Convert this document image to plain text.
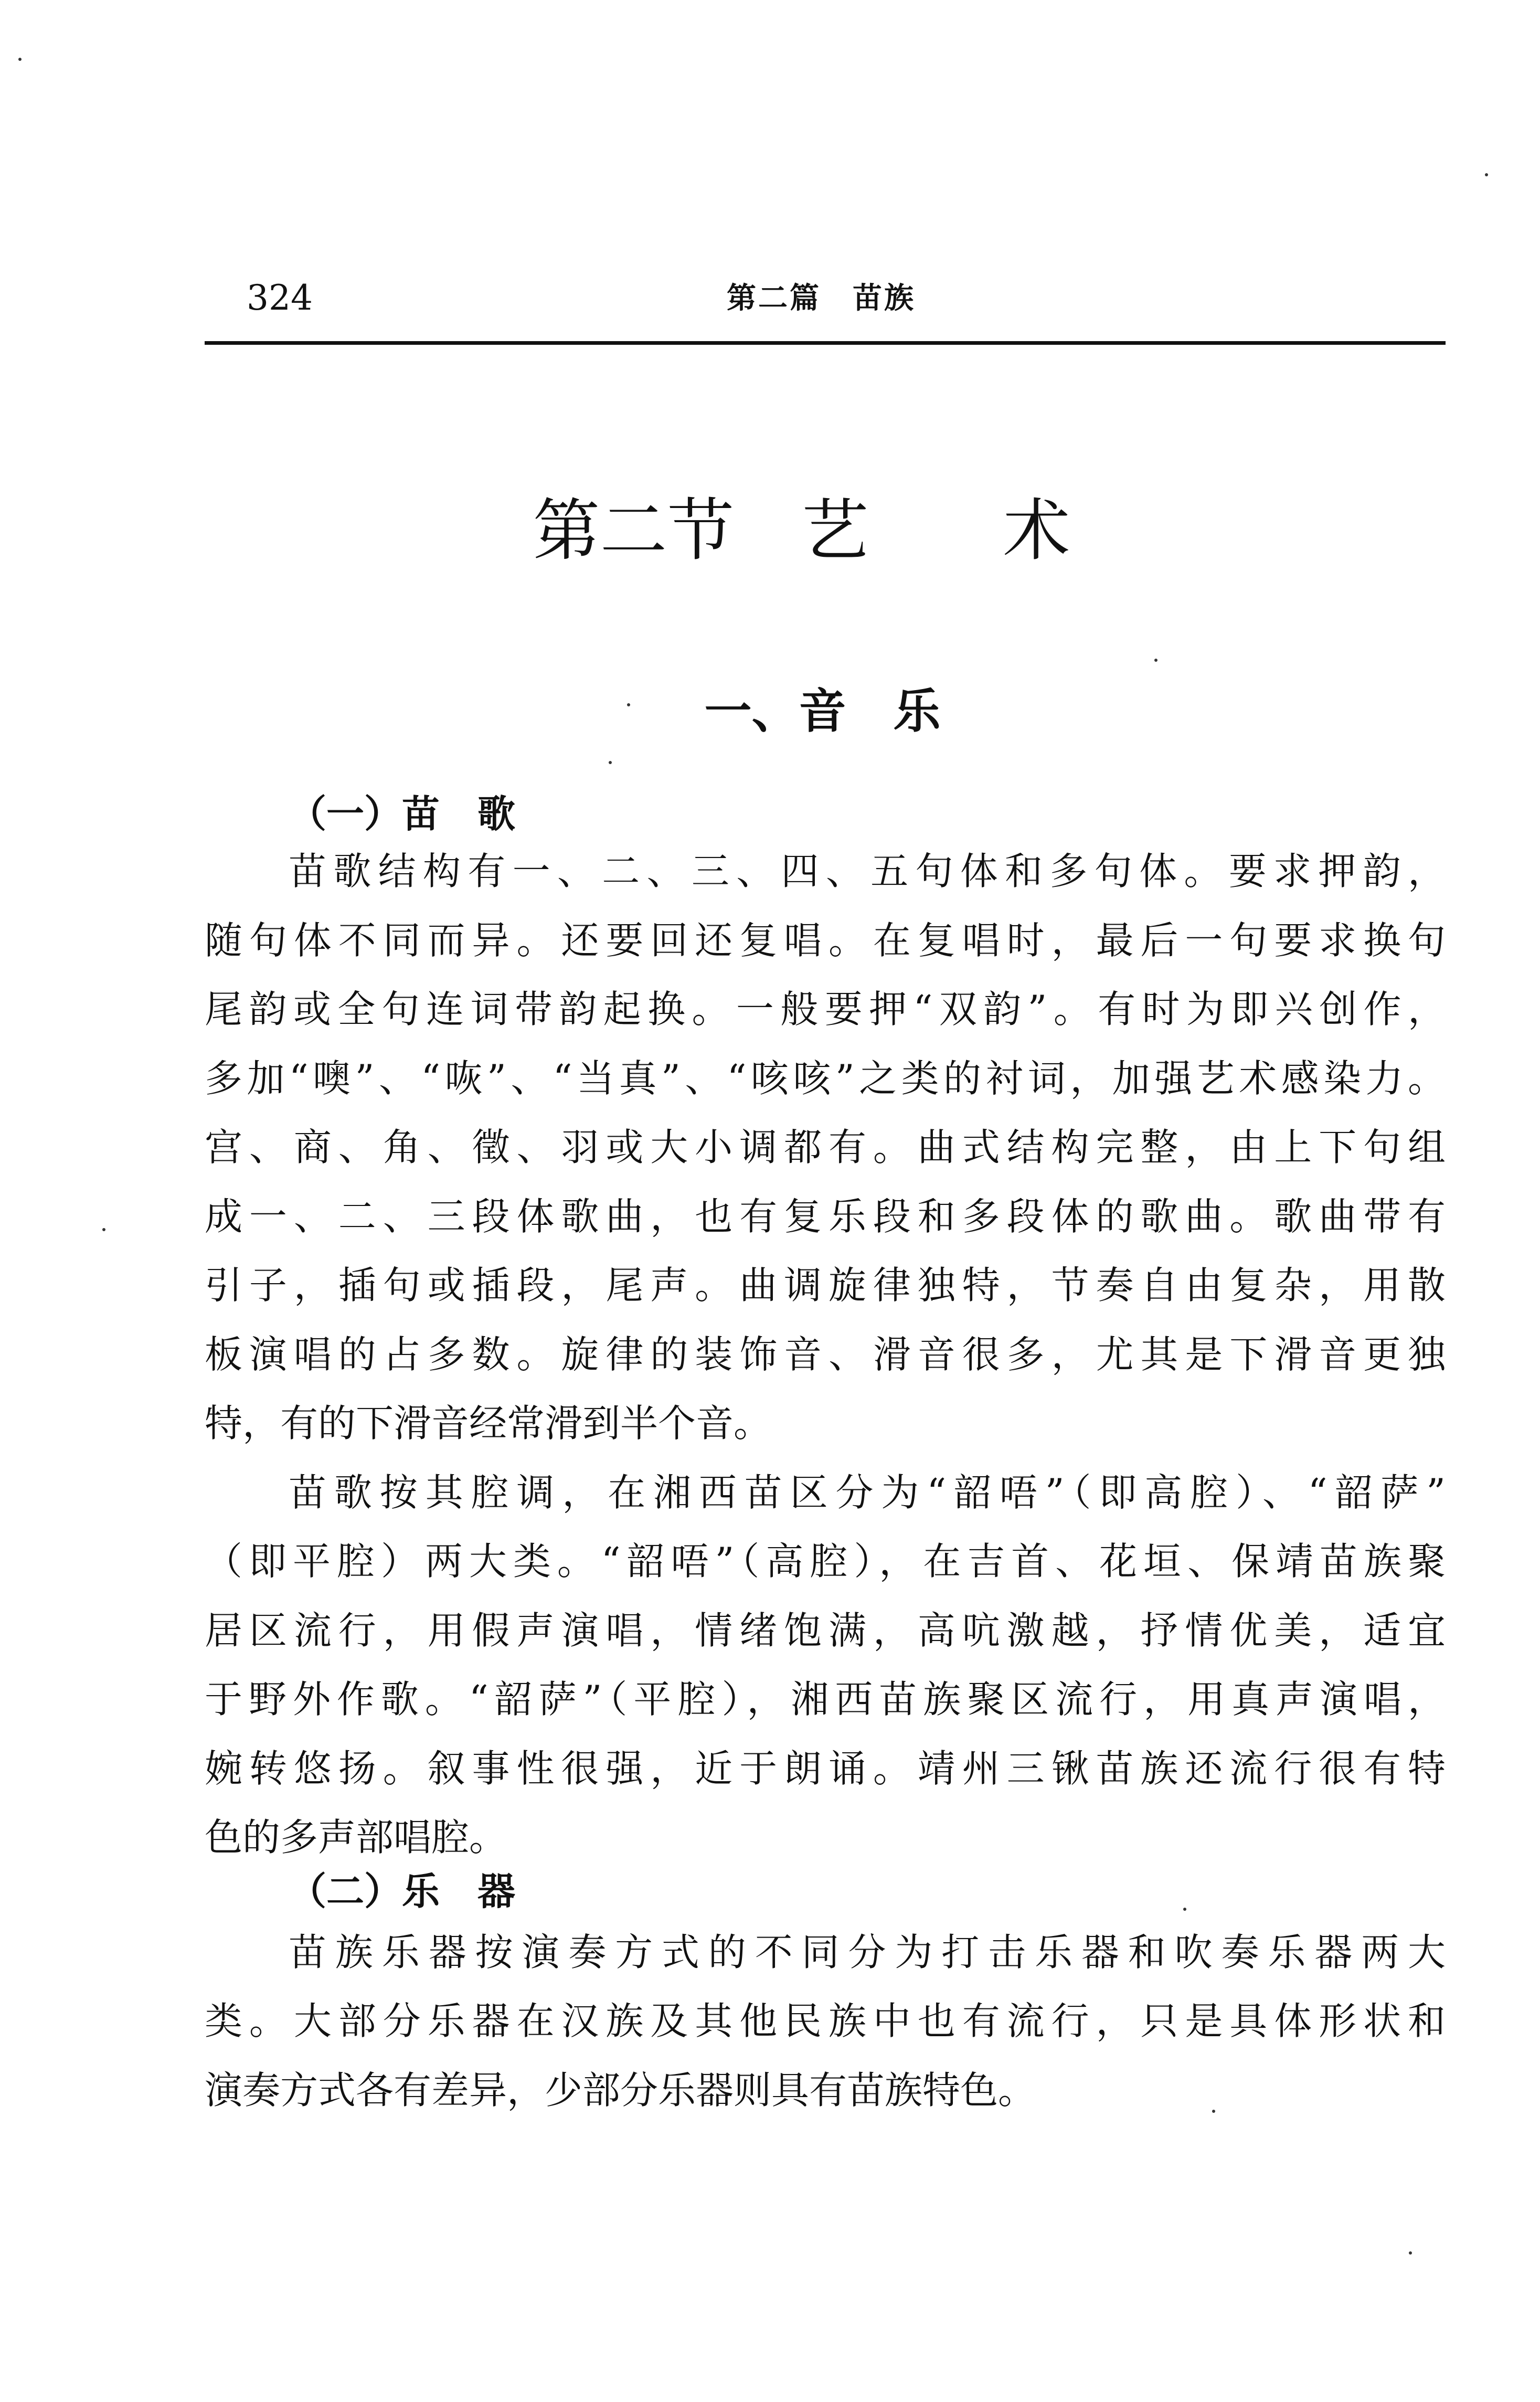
324	第二篇　苗族
第二节　艺　　术
一、音　乐
（一）苗　歌
苗歌结构有一、二、三、四、五句体和多句体。要求押韵，
随句体不同而异。还要回还复唱。在复唱时，最后一句要求换句
尾韵或全句连词带韵起换。一般要押“双韵”。有时为即兴创作，
多加“噢”、“咴”、“当真”、“咳咳”之类的衬词，加强艺术感染力。
宫、商、角、徵、羽或大小调都有。曲式结构完整，由上下句组
成一、二、三段体歌曲，也有复乐段和多段体的歌曲。歌曲带有
引子，插句或插段，尾声。曲调旋律独特，节奏自由复杂，用散
板演唱的占多数。旋律的装饰音、滑音很多，尤其是下滑音更独
特，有的下滑音经常滑到半个音。
苗歌按其腔调，在湘西苗区分为“韶唔”（即高腔）、“韶萨”
（即平腔）两大类。“韶唔”（高腔），在吉首、花垣、保靖苗族聚
居区流行，用假声演唱，情绪饱满，高吭激越，抒情优美，适宜
于野外作歌。“韶萨”（平腔），湘西苗族聚区流行，用真声演唱，
婉转悠扬。叙事性很强，近于朗诵。靖州三锹苗族还流行很有特
色的多声部唱腔。
（二）乐　器
苗族乐器按演奏方式的不同分为打击乐器和吹奏乐器两大
类。大部分乐器在汉族及其他民族中也有流行，只是具体形状和
演奏方式各有差异，少部分乐器则具有苗族特色。
